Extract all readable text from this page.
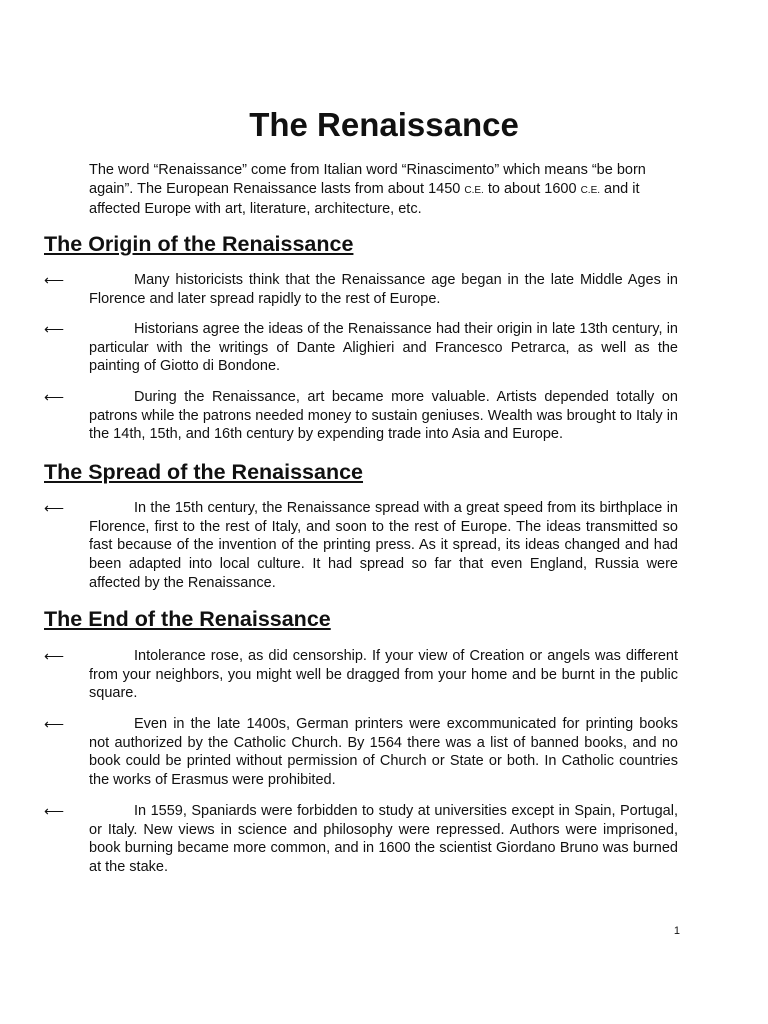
The Renaissance

The word “Renaissance” come from Italian word “Rinascimento” which means “be born again”. The European Renaissance lasts from about 1450 C.E. to about 1600 C.E. and it affected Europe with art, literature, architecture, etc.

The Origin of the Renaissance
⟵	Many historicists think that the Renaissance age began in the late Middle Ages in Florence and later spread rapidly to the rest of Europe.

⟵	Historians agree the ideas of the Renaissance had their origin in late 13th century, in particular with the writings of Dante Alighieri and Francesco Petrarca, as well as the painting of Giotto di Bondone.

⟵	During the Renaissance, art became more valuable. Artists depended totally on patrons while the patrons needed money to sustain geniuses. Wealth was brought to Italy in the 14th, 15th, and 16th century by expending trade into Asia and Europe.

The Spread of the Renaissance
⟵	In the 15th century, the Renaissance spread with a great speed from its birthplace in Florence, first to the rest of Italy, and soon to the rest of Europe. The ideas transmitted so fast because of the invention of the printing press. As it spread, its ideas changed and had been adapted into local culture. It had spread so far that even England, Russia were affected by the Renaissance.

The End of the Renaissance
⟵	Intolerance rose, as did censorship. If your view of Creation or angels was different from your neighbors, you might well be dragged from your home and be burnt in the public square.

⟵	Even in the late 1400s, German printers were excommunicated for printing books not authorized by the Catholic Church. By 1564 there was a list of banned books, and no book could be printed without permission of Church or State or both. In Catholic countries the works of Erasmus were prohibited.

⟵	In 1559, Spaniards were forbidden to study at universities except in Spain, Portugal, or Italy. New views in science and philosophy were repressed. Authors were imprisoned, book burning became more common, and in 1600 the scientist Giordano Bruno was burned at the stake.

1
